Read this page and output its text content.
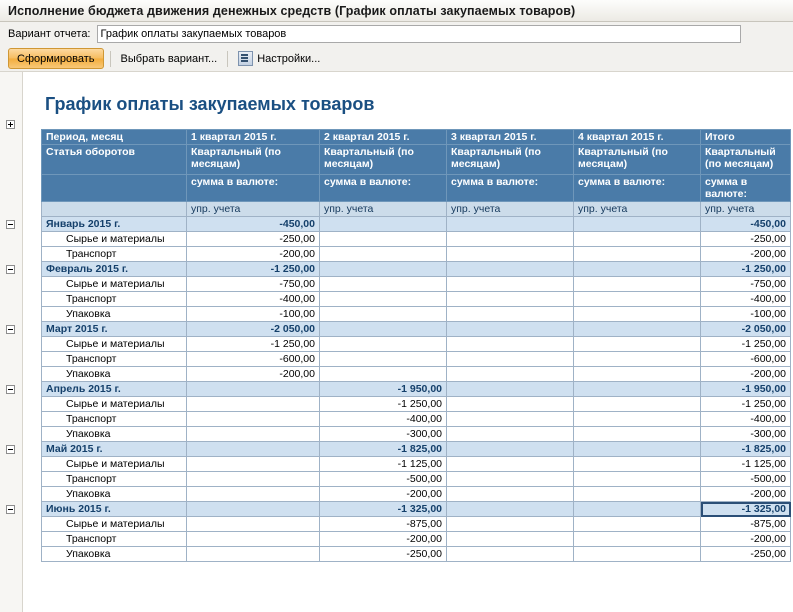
Исполнение бюджета движения денежных средств (График оплаты закупаемых товаров)
Вариант отчета:
График оплаты закупаемых товаров
Сформировать Выбрать вариант...	Настройки...
График оплаты закупаемых товаров
Период, месяц	1 квартал 2015 г.	2 квартал 2015 г.	3 квартал 2015 г.	4 квартал 2015 г.	Итого
Статья оборотов	Квартальный (по месяцам)	Квартальный (по месяцам)	Квартальный (по месяцам)	Квартальный (по месяцам)	Квартальный (по месяцам)
	сумма в валюте:	сумма в валюте:	сумма в валюте:	сумма в валюте:	сумма в валюте:
	упр. учета	упр. учета	упр. учета	упр. учета	упр. учета
Январь 2015 г.	-450,00				-450,00
Сырье и материалы	-250,00				-250,00
Транспорт	-200,00				-200,00
Февраль 2015 г.	-1 250,00				-1 250,00
Сырье и материалы	-750,00				-750,00
Транспорт	-400,00				-400,00
Упаковка	-100,00				-100,00
Март 2015 г.	-2 050,00				-2 050,00
Сырье и материалы	-1 250,00				-1 250,00
Транспорт	-600,00				-600,00
Упаковка	-200,00				-200,00
Апрель 2015 г.		-1 950,00			-1 950,00
Сырье и материалы		-1 250,00			-1 250,00
Транспорт		-400,00			-400,00
Упаковка		-300,00			-300,00
Май 2015 г.		-1 825,00			-1 825,00
Сырье и материалы		-1 125,00			-1 125,00
Транспорт		-500,00			-500,00
Упаковка		-200,00			-200,00
Июнь 2015 г.		-1 325,00			-1 325,00
Сырье и материалы		-875,00			-875,00
Транспорт		-200,00			-200,00
Упаковка		-250,00			-250,00
